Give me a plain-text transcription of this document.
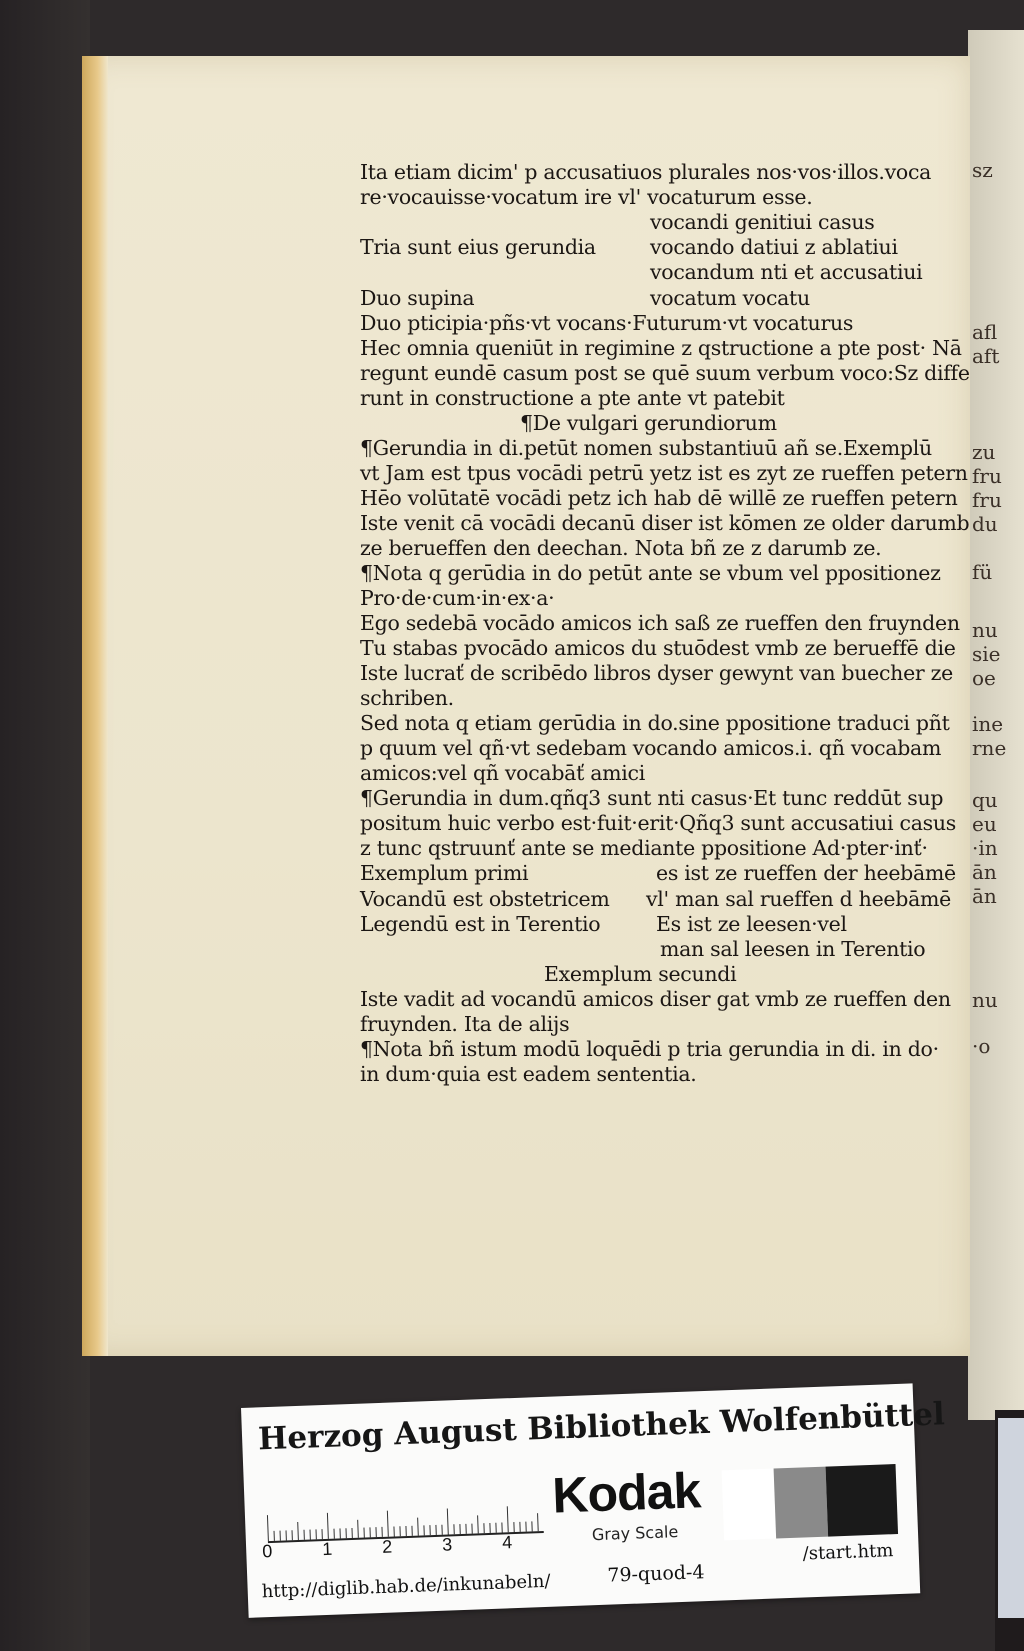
sz
afl
aft
zu
fru
fru
du
fü
nu
sie
oe
ine
rne
qu
eu
·in
ān
ān
nu
·o
Ita etiam dicim' p accusatiuos plurales nos·vos·illos.voca
re·vocauisse·vocatum ire vl' vocaturum esse.
vocandi genitiui casus
Tria sunt eius gerundia	vocando datiui z ablatiui
vocandum nti et accusatiui
Duo supina	vocatum vocatu
Duo pticipia·pñs·vt vocans·Futurum·vt vocaturus
Hec omnia queniūt in regimine z qstructione a pte post· Nā
regunt eundē casum post se quē suum verbum voco:Sz diffe
runt in constructione a pte ante vt patebit
¶De vulgari gerundiorum
¶Gerundia in di.petūt nomen substantiuū añ se.Exemplū
vt Jam est tpus vocādi petrū yetz ist es zyt ze rueffen petern
Hēo volūtatē vocādi petz ich hab dē willē ze rueffen petern
Iste venit cā vocādi decanū diser ist kōmen ze older darumb
ze berueffen den deechan. Nota bñ ze z darumb ze.
¶Nota q gerūdia in do petūt ante se vbum vel ppositionez
Pro·de·cum·in·ex·a·
Ego sedebā vocādo amicos ich saß ze rueffen den fruynden
Tu stabas pvocādo amicos du stuōdest vmb ze berueffē die
Iste lucrať de scribēdo libros dyser gewynt van buecher ze
schriben.
Sed nota q etiam gerūdia in do.sine ppositione traduci pñt
p quum vel qñ·vt sedebam vocando amicos.i. qñ vocabam
amicos:vel qñ vocabāť amici
¶Gerundia in dum.qñq3 sunt nti casus·Et tunc reddūt sup
positum huic verbo est·fuit·erit·Qñq3 sunt accusatiui casus
z tunc qstruunť ante se mediante ppositione Ad·pter·inť·
Exemplum primi	es ist ze rueffen der heebāmē
Vocandū est obstetricem vl' man sal rueffen d heebāmē
Legendū est in Terentio	Es ist ze leesen·vel
man sal leesen in Terentio
Exemplum secundi
Iste vadit ad vocandū amicos diser gat vmb ze rueffen den
fruynden. Ita de alijs
¶Nota bñ istum modū loquēdi p tria gerundia in di. in do·
in dum·quia est eadem sententia.
Herzog August Bibliothek Wolfenbüttel
0	1	2	3	4
Kodak
Gray Scale
http://diglib.hab.de/inkunabeln/	79-quod-4
/start.htm
